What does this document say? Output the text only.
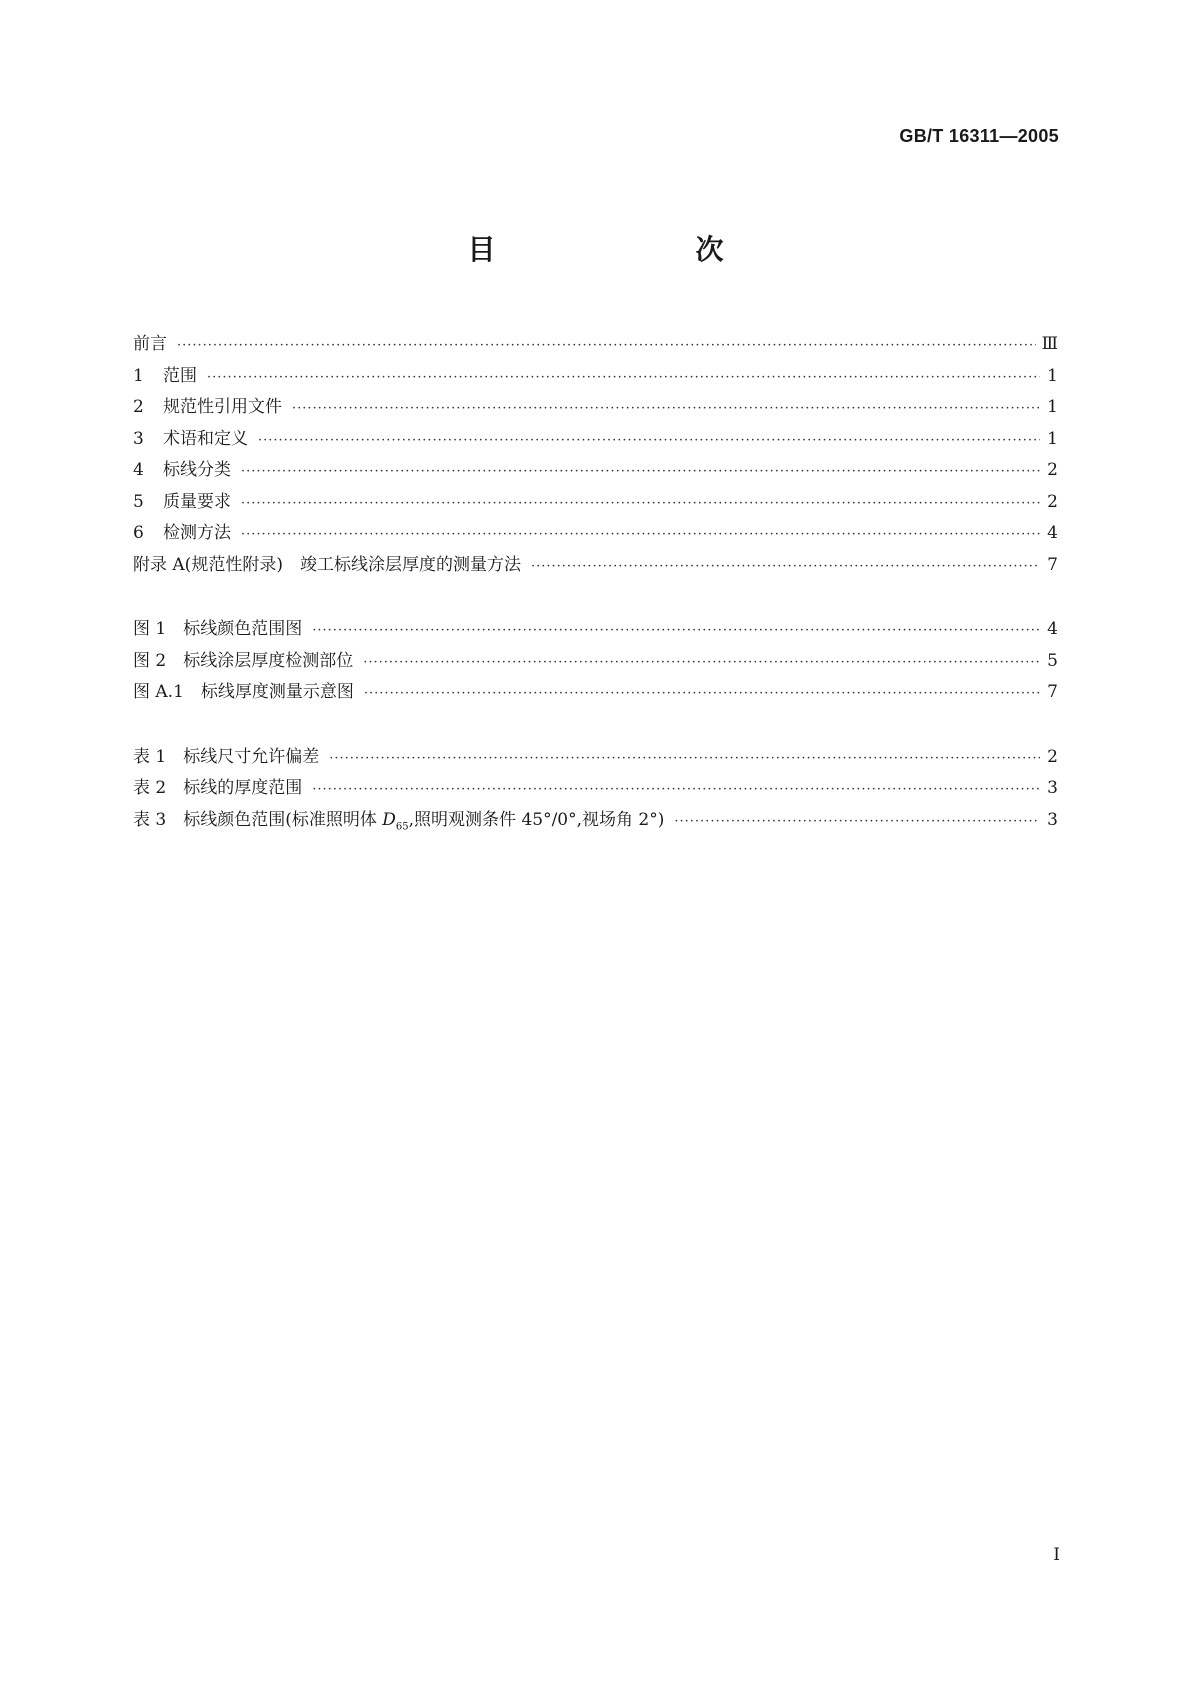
GB/T 16311—2005
目　　次
前言 ·····	Ⅲ
1 范围 ·····	1
2 规范性引用文件 ·····	1
3 术语和定义 ·····	1
4 标线分类 ·····	2
5 质量要求 ·····	2
6 检测方法 ·····	4
附录 A(规范性附录)　竣工标线涂层厚度的测量方法 ·····	7
图 1　标线颜色范围图 ·····	4
图 2　标线涂层厚度检测部位 ·····	5
图 A.1　标线厚度测量示意图 ·····	7
表 1　标线尺寸允许偏差 ·····	2
表 2　标线的厚度范围 ·····	3
表 3　标线颜色范围(标准照明体 $D_{65}$,照明观测条件 45°/0°,视场角 2°) ·····	3
I
